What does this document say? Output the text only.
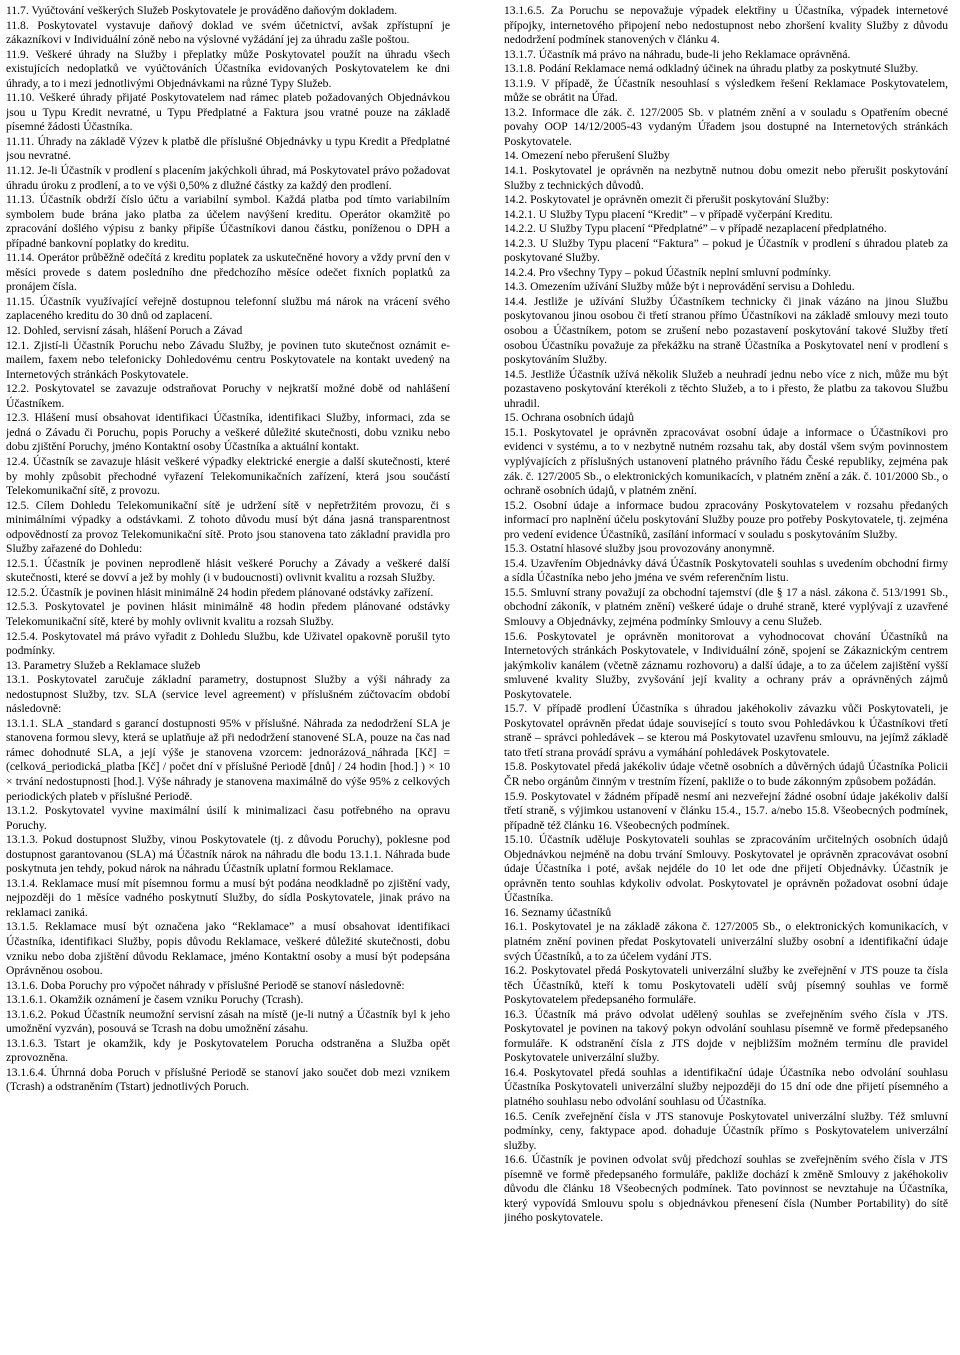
11.7. Vyúčtování veškerých Služeb Poskytovatele je prováděno daňovým dokladem.

11.8. Poskytovatel vystavuje daňový doklad ve svém účetnictví, avšak zpřístupní je zákazníkovi v Individuální zóně nebo na výslovné vyžádání jej za úhradu zašle poštou.

11.9. Veškeré úhrady na Služby i přeplatky může Poskytovatel použít na úhradu všech existujících nedoplatků ve vyúčtováních Účastníka evidovaných Poskytovatelem ke dni úhrady, a to i mezi jednotlivými Objednávkami na různé Typy Služeb.

11.10. Veškeré úhrady přijaté Poskytovatelem nad rámec plateb požadovaných Objednávkou jsou u Typu Kredit nevratné, u Typu Předplatné a Faktura jsou vratné pouze na základě písemné žádosti Účastníka.

11.11. Úhrady na základě Výzev k platbě dle příslušné Objednávky u typu Kredit a Předplatné jsou nevratné.

11.12. Je-li Účastník v prodlení s placením jakýchkoli úhrad, má Poskytovatel právo požadovat úhradu úroku z prodlení, a to ve výši 0,50% z dlužné částky za každý den prodlení.

11.13. Účastník obdrží číslo účtu a variabilní symbol. Každá platba pod tímto variabilním symbolem bude brána jako platba za účelem navýšení kreditu. Operátor okamžitě po zpracování došlého výpisu z banky připíše Účastníkovi danou částku, poníženou o DPH a případné bankovní poplatky do kreditu.

11.14. Operátor průběžně odečítá z kreditu poplatek za uskutečněné hovory a vždy první den v měsíci provede s datem posledního dne předchozího měsíce odečet fixních poplatků za pronájem čísla.

11.15. Účastník využívající veřejně dostupnou telefonní službu má nárok na vrácení svého zaplaceného kreditu do 30 dnů od zaplacení.

12. Dohled, servisní zásah, hlášení Poruch a Závad

12.1. Zjistí-li Účastník Poruchu nebo Závadu Služby, je povinen tuto skutečnost oznámit e-mailem, faxem nebo telefonicky Dohledovému centru Poskytovatele na kontakt uvedený na Internetových stránkách Poskytovatele.

12.2. Poskytovatel se zavazuje odstraňovat Poruchy v nejkratší možné době od nahlášení Účastníkem.

12.3. Hlášení musí obsahovat identifikaci Účastníka, identifikaci Služby, informaci, zda se jedná o Závadu či Poruchu, popis Poruchy a veškeré důležité skutečnosti, dobu vzniku nebo dobu zjištění Poruchy, jméno Kontaktní osoby Účastníka a aktuální kontakt.

12.4. Účastník se zavazuje hlásit veškeré výpadky elektrické energie a další skutečnosti, které by mohly způsobit přechodné vyřazení Telekomunikačních zařízení, která jsou součástí Telekomunikační sítě, z provozu.

12.5. Cílem Dohledu Telekomunikační sítě je udržení sítě v nepřetržitém provozu, či s minimálními výpadky a odstávkami. Z tohoto důvodu musí být dána jasná transparentnost odpovědností za provoz Telekomunikační sítě. Proto jsou stanovena tato základní pravidla pro Služby zařazené do Dohledu:

12.5.1. Účastník je povinen neprodleně hlásit veškeré Poruchy a Závady a veškeré další skutečnosti, které se dovví a jež by mohly (i v budoucnosti) ovlivnit kvalitu a rozsah Služby.

12.5.2. Účastník je povinen hlásit minimálně 24 hodin předem plánované odstávky zařízení.

12.5.3. Poskytovatel je povinen hlásit minimálně 48 hodin předem plánované odstávky Telekomunikační sítě, které by mohly ovlivnit kvalitu a rozsah Služby.

12.5.4. Poskytovatel má právo vyřadit z Dohledu Službu, kde Uživatel opakovně porušil tyto podmínky.

13. Parametry Služeb a Reklamace služeb

13.1. Poskytovatel zaručuje základní parametry, dostupnost Služby a výši náhrady za nedostupnost Služby, tzv. SLA (service level agreement) v příslušném zúčtovacím období následovně:

13.1.1. SLA _standard s garancí dostupnosti 95% v příslušné. Náhrada za nedodržení SLA je stanovena formou slevy, která se uplatňuje až při nedodržení stanovené SLA, pouze na čas nad rámec dohodnuté SLA, a její výše je stanovena vzorcem: jednorázová_náhrada [Kč] = (celková_periodická_platba [Kč] / počet dní v příslušné Periodě [dnů] / 24 hodin [hod.] ) × 10 × trvání nedostupnosti [hod.]. Výše náhrady je stanovena maximálně do výše 95% z celkových periodických plateb v příslušné Periodě.

13.1.2. Poskytovatel vyvine maximální úsilí k minimalizaci času potřebného na opravu Poruchy.

13.1.3. Pokud dostupnost Služby, vinou Poskytovatele (tj. z důvodu Poruchy), poklesne pod dostupnost garantovanou (SLA) má Účastník nárok na náhradu dle bodu 13.1.1. Náhrada bude poskytnuta jen tehdy, pokud nárok na náhradu Účastník uplatní formou Reklamace.

13.1.4. Reklamace musí mít písemnou formu a musí být podána neodkladně po zjištění vady, nejpozději do 1 měsíce vadného poskytnutí Služby, do sídla Poskytovatele, jinak právo na reklamaci zaniká.

13.1.5. Reklamace musí být označena jako “Reklamace” a musí obsahovat identifikaci Účastníka, identifikaci Služby, popis důvodu Reklamace, veškeré důležité skutečnosti, dobu vzniku nebo doba zjištění důvodu Reklamace, jméno Kontaktní osoby a musí být podepsána Oprávněnou osobou.

13.1.6. Doba Poruchy pro výpočet náhrady v příslušné Periodě se stanoví následovně:

13.1.6.1. Okamžik oznámení je časem vzniku Poruchy (Tcrash).

13.1.6.2. Pokud Účastník neumožní servisní zásah na místě (je-li nutný a Účastník byl k jeho umožnění vyzván), posouvá se Tcrash na dobu umožnění zásahu.

13.1.6.3. Tstart je okamžik, kdy je Poskytovatelem Porucha odstraněna a Služba opět zprovozněna.

13.1.6.4. Úhrnná doba Poruch v příslušné Periodě se stanoví jako součet dob mezi vznikem (Tcrash) a odstraněním (Tstart) jednotlivých Poruch.

13.1.6.5. Za Poruchu se nepovažuje výpadek elektřiny u Účastníka, výpadek internetové přípojky, internetového připojení nebo nedostupnost nebo zhoršení kvality Služby z důvodu nedodržení podmínek stanovených v článku 4.

13.1.7. Účastník má právo na náhradu, bude-li jeho Reklamace oprávněná.

13.1.8. Podání Reklamace nemá odkladný účinek na úhradu platby za poskytnuté Služby.

13.1.9. V případě, že Účastník nesouhlasí s výsledkem řešení Reklamace Poskytovatelem, může se obrátit na Úřad.

13.2. Informace dle zák. č. 127/2005 Sb. v platném znění a v souladu s Opatřením obecné povahy OOP 14/12/2005-43 vydaným Úřadem jsou dostupné na Internetových stránkách Poskytovatele.

14. Omezení nebo přerušení Služby

14.1. Poskytovatel je oprávněn na nezbytně nutnou dobu omezit nebo přerušit poskytování Služby z technických důvodů.

14.2. Poskytovatel je oprávněn omezit či přerušit poskytování Služby:

14.2.1. U Služby Typu placení “Kredit” – v případě vyčerpání Kreditu.

14.2.2. U Služby Typu placení “Předplatné” – v případě nezaplacení předplatného.

14.2.3. U Služby Typu placení “Faktura” – pokud je Účastník v prodlení s úhradou plateb za poskytované Služby.

14.2.4. Pro všechny Typy – pokud Účastník neplní smluvní podmínky.

14.3. Omezením užívání Služby může být i neprovádění servisu a Dohledu.

14.4. Jestliže je užívání Služby Účastníkem technicky či jinak vázáno na jinou Službu poskytovanou jinou osobou či třetí stranou přímo Účastníkovi na základě smlouvy mezi touto osobou a Účastníkem, potom se zrušení nebo pozastavení poskytování takové Služby třetí osobou Účastníku považuje za překážku na straně Účastníka a Poskytovatel není v prodlení s poskytováním Služby.

14.5. Jestliže Účastník užívá několik Služeb a neuhradí jednu nebo více z nich, může mu být pozastaveno poskytování kterékoli z těchto Služeb, a to i přesto, že platbu za takovou Službu uhradil.

15. Ochrana osobních údajů

15.1. Poskytovatel je oprávněn zpracovávat osobní údaje a informace o Účastníkovi pro evidenci v systému, a to v nezbytně nutném rozsahu tak, aby dostál všem svým povinnostem vyplývajících z příslušných ustanovení platného právního řádu České republiky, zejména pak zák. č. 127/2005 Sb., o elektronických komunikacích, v platném znění a zák. č. 101/2000 Sb., o ochraně osobních údajů, v platném znění.

15.2. Osobní údaje a informace budou zpracovány Poskytovatelem v rozsahu předaných informací pro naplnění účelu poskytování Služby pouze pro potřeby Poskytovatele, tj. zejména pro vedení evidence Účastníků, zasílání informací v souladu s poskytováním Služby.

15.3. Ostatní hlasové služby jsou provozovány anonymně.

15.4. Uzavřením Objednávky dává Účastník Poskytovateli souhlas s uvedením obchodní firmy a sídla Účastníka nebo jeho jména ve svém referenčním listu.

15.5. Smluvní strany považují za obchodní tajemství (dle § 17 a násl. zákona č. 513/1991 Sb., obchodní zákoník, v platném znění) veškeré údaje o druhé straně, které vyplývají z uzavřené Smlouvy a Objednávky, zejména podmínky Smlouvy a cenu Služeb.

15.6. Poskytovatel je oprávněn monitorovat a vyhodnocovat chování Účastníků na Internetových stránkách Poskytovatele, v Individuální zóně, spojení se Zákaznickým centrem jakýmkoliv kanálem (včetně záznamu rozhovoru) a další údaje, a to za účelem zajištění vyšší smluvené kvality Služby, zvyšování její kvality a ochrany práv a oprávněných zájmů Poskytovatele.

15.7. V případě prodlení Účastníka s úhradou jakéhokoliv závazku vůči Poskytovateli, je Poskytovatel oprávněn předat údaje související s touto svou Pohledávkou k Účastníkovi třetí straně – správci pohledávek – se kterou má Poskytovatel uzavřenu smlouvu, na jejímž základě tato třetí strana provádí správu a vymáhání pohledávek Poskytovatele.

15.8. Poskytovatel předá jakékoliv údaje včetně osobních a důvěrných údajů Účastníka Policii ČR nebo orgánům činným v trestním řízení, pakliže o to bude zákonným způsobem požádán.

15.9. Poskytovatel v žádném případě nesmí ani nezveřejní žádné osobní údaje jakékoliv další třetí straně, s výjimkou ustanovení v článku 15.4., 15.7. a/nebo 15.8. Všeobecných podmínek, případně též článku 16. Všeobecných podmínek.

15.10. Účastník uděluje Poskytovateli souhlas se zpracováním určitelných osobních údajů Objednávkou nejméně na dobu trvání Smlouvy. Poskytovatel je oprávněn zpracovávat osobní údaje Účastníka i poté, avšak nejdéle do 10 let ode dne přijetí Objednávky. Účastník je oprávněn tento souhlas kdykoliv odvolat. Poskytovatel je oprávněn požadovat osobní údaje Účastníka.

16. Seznamy účastníků

16.1. Poskytovatel je na základě zákona č. 127/2005 Sb., o elektronických komunikacích, v platném znění povinen předat Poskytovateli univerzální služby osobní a identifikační údaje svých Účastníků, a to za účelem vydání JTS.

16.2. Poskytovatel předá Poskytovateli univerzální služby ke zveřejnění v JTS pouze ta čísla těch Účastníků, kteří k tomu Poskytovateli udělí svůj písemný souhlas ve formě Poskytovatelem předepsaného formuláře.

16.3. Účastník má právo odvolat udělený souhlas se zveřejněním svého čísla v JTS. Poskytovatel je povinen na takový pokyn odvolání souhlasu písemně ve formě předepsaného formuláře. K odstranění čísla z JTS dojde v nejbližším možném termínu dle pravidel Poskytovatele univerzální služby.

16.4. Poskytovatel předá souhlas a identifikační údaje Účastníka nebo odvolání souhlasu Účastníka Poskytovateli univerzální služby nejpozději do 15 dní ode dne přijetí písemného a platného souhlasu nebo odvolání souhlasu od Účastníka.

16.5. Ceník zveřejnění čísla v JTS stanovuje Poskytovatel univerzální služby. Též smluvní podmínky, ceny, faktурace apod. dohaduje Účastník přímo s Poskytovatelem univerzální služby.

16.6. Účastník je povinen odvolat svůj předchozí souhlas se zveřejněním svého čísla v JTS písemně ve formě předepsaného formuláře, pakliže dochází k změně Smlouvy z jakéhokoliv důvodu dle článku 18 Všeobecných podmínek. Tato povinnost se nevztahuje na Účastníka, který vypovídá Smlouvu spolu s objednávkou přenesení čísla (Number Portability) do sítě jiného poskytovatele.
